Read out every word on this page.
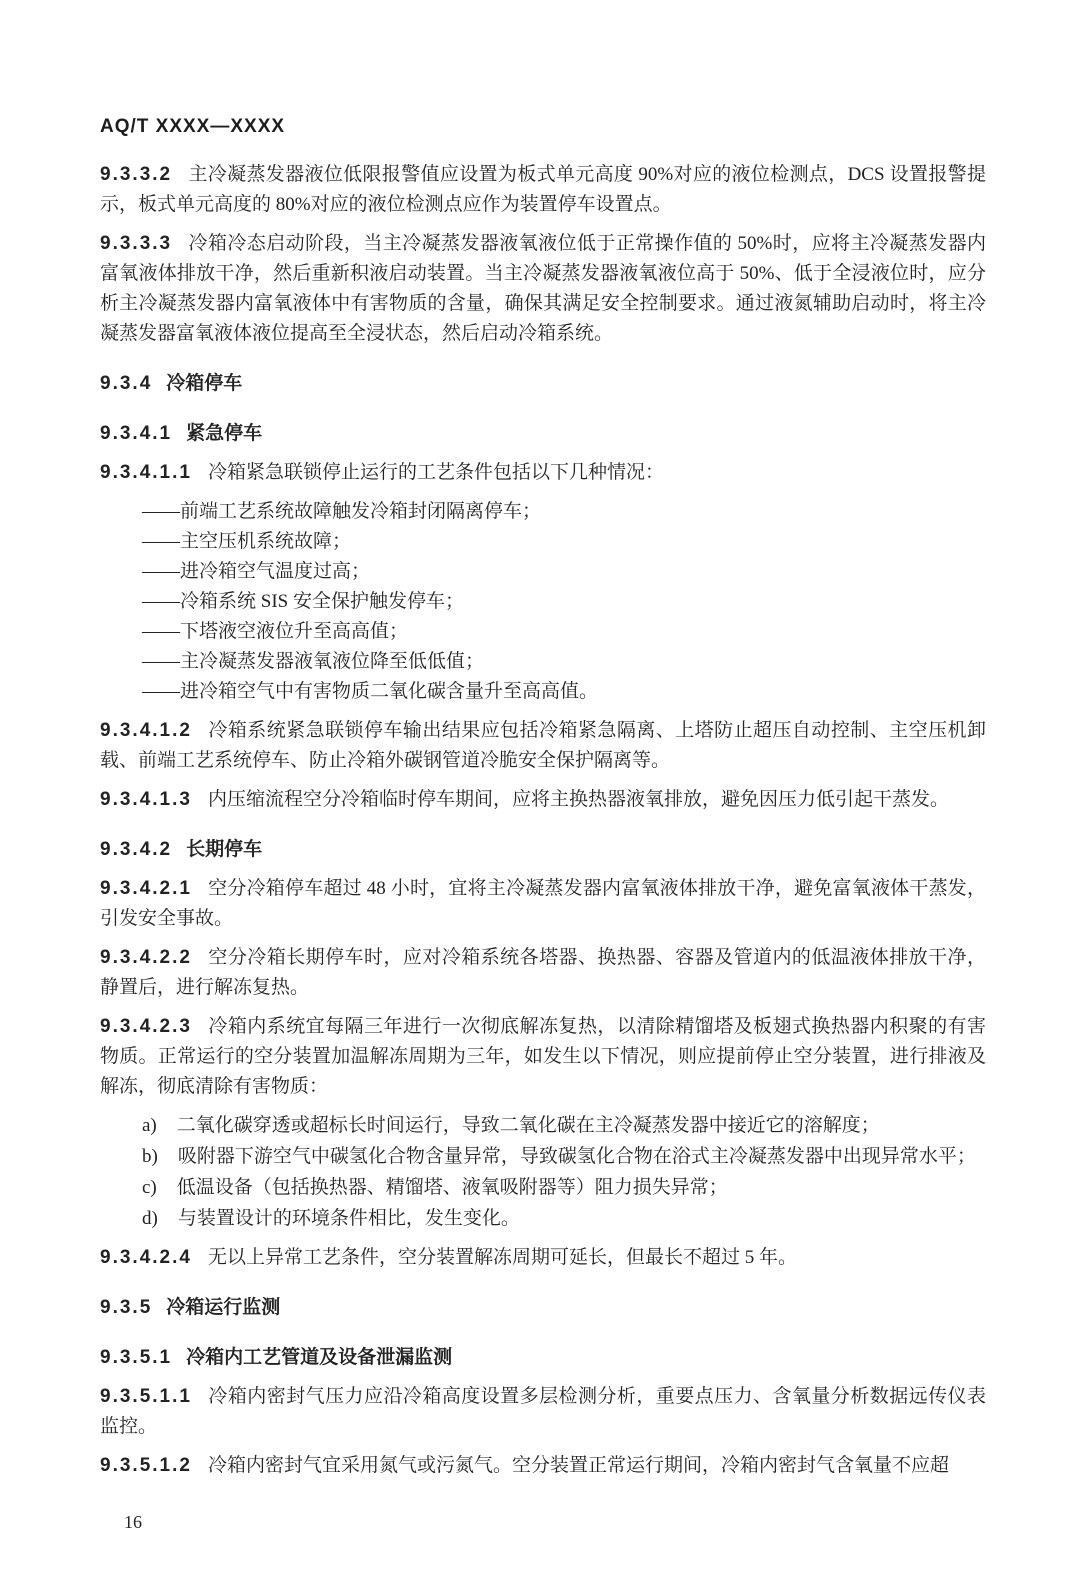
AQ/T XXXX—XXXX

9.3.3.2 主冷凝蒸发器液位低限报警值应设置为板式单元高度 90%对应的液位检测点，DCS 设置报警提示，板式单元高度的 80%对应的液位检测点应作为装置停车设置点。

9.3.3.3 冷箱冷态启动阶段，当主冷凝蒸发器液氧液位低于正常操作值的 50%时，应将主冷凝蒸发器内富氧液体排放干净，然后重新积液启动装置。当主冷凝蒸发器液氧液位高于 50%、低于全浸液位时，应分析主冷凝蒸发器内富氧液体中有害物质的含量，确保其满足安全控制要求。通过液氮辅助启动时，将主冷凝蒸发器富氧液体液位提高至全浸状态，然后启动冷箱系统。

9.3.4 冷箱停车
9.3.4.1 紧急停车

9.3.4.1.1 冷箱紧急联锁停止运行的工艺条件包括以下几种情况：

——前端工艺系统故障触发冷箱封闭隔离停车；

——主空压机系统故障；

——进冷箱空气温度过高；

——冷箱系统 SIS 安全保护触发停车；

——下塔液空液位升至高高值；

——主冷凝蒸发器液氧液位降至低低值；

——进冷箱空气中有害物质二氧化碳含量升至高高值。

9.3.4.1.2 冷箱系统紧急联锁停车输出结果应包括冷箱紧急隔离、上塔防止超压自动控制、主空压机卸载、前端工艺系统停车、防止冷箱外碳钢管道冷脆安全保护隔离等。

9.3.4.1.3 内压缩流程空分冷箱临时停车期间，应将主换热器液氧排放，避免因压力低引起干蒸发。

9.3.4.2 长期停车

9.3.4.2.1 空分冷箱停车超过 48 小时，宜将主冷凝蒸发器内富氧液体排放干净，避免富氧液体干蒸发，引发安全事故。

9.3.4.2.2 空分冷箱长期停车时，应对冷箱系统各塔器、换热器、容器及管道内的低温液体排放干净，静置后，进行解冻复热。

9.3.4.2.3 冷箱内系统宜每隔三年进行一次彻底解冻复热，以清除精馏塔及板翅式换热器内积聚的有害物质。正常运行的空分装置加温解冻周期为三年，如发生以下情况，则应提前停止空分装置，进行排液及解冻，彻底清除有害物质：

a) 二氧化碳穿透或超标长时间运行，导致二氧化碳在主冷凝蒸发器中接近它的溶解度；

b) 吸附器下游空气中碳氢化合物含量异常，导致碳氢化合物在浴式主冷凝蒸发器中出现异常水平；

c) 低温设备（包括换热器、精馏塔、液氧吸附器等）阻力损失异常；

d) 与装置设计的环境条件相比，发生变化。

9.3.4.2.4 无以上异常工艺条件，空分装置解冻周期可延长，但最长不超过 5 年。

9.3.5 冷箱运行监测
9.3.5.1 冷箱内工艺管道及设备泄漏监测

9.3.5.1.1 冷箱内密封气压力应沿冷箱高度设置多层检测分析，重要点压力、含氧量分析数据远传仪表监控。

9.3.5.1.2 冷箱内密封气宜采用氮气或污氮气。空分装置正常运行期间，冷箱内密封气含氧量不应超

16
